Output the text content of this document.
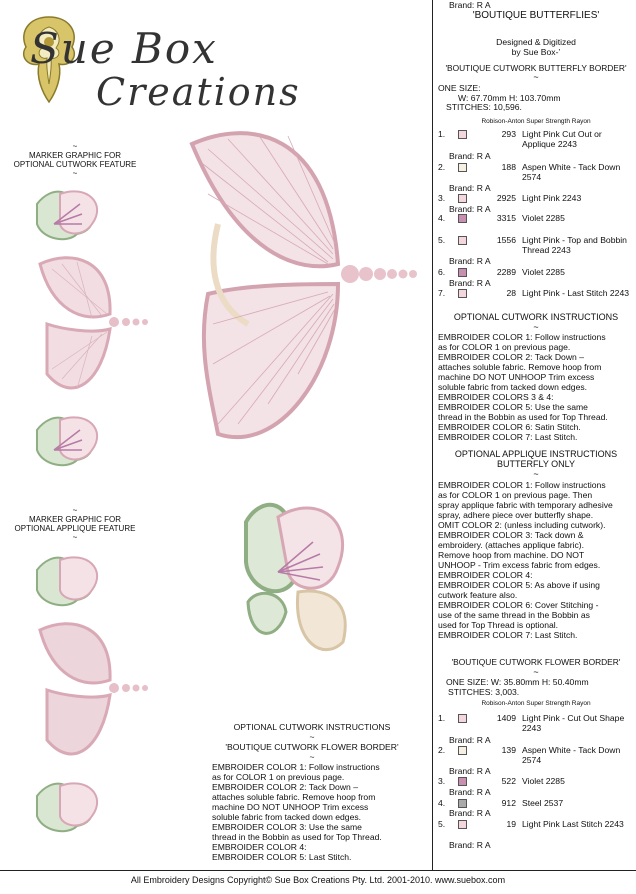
Sue Box
Creations
~
MARKER GRAPHIC FOR
OPTIONAL CUTWORK FEATURE
~
~
MARKER GRAPHIC FOR
OPTIONAL APPLIQUE FEATURE
~
OPTIONAL CUTWORK INSTRUCTIONS
~
'BOUTIQUE CUTWORK FLOWER BORDER'
~
EMBROIDER COLOR 1: Follow instructions
as for COLOR 1 on previous page.
EMBROIDER COLOR 2: Tack Down –
attaches soluble fabric. Remove hoop from
machine DO NOT UNHOOP Trim excess
soluble fabric from tacked down edges.
EMBROIDER COLOR 3: Use the same
thread in the Bobbin as used for Top Thread.
EMBROIDER COLOR 4:
EMBROIDER COLOR 5: Last Stitch.
'BOUTIQUE BUTTERFLIES'
Designed & Digitized
by Sue Box-’
'BOUTIQUE CUTWORK BUTTERFLY BORDER'
~
ONE SIZE:
W: 67.70mm H: 103.70mm
STITCHES: 10,596.
Robison-Anton Super Strength Rayon
OPTIONAL CUTWORK INSTRUCTIONS
~
EMBROIDER COLOR 1: Follow instructions
as for COLOR 1 on previous page.
EMBROIDER COLOR 2: Tack Down –
attaches soluble fabric. Remove hoop from
machine DO NOT UNHOOP Trim excess
soluble fabric from tacked down edges.
EMBROIDER COLORS 3 & 4:
EMBROIDER COLOR 5: Use the same
thread in the Bobbin as used for Top Thread.
EMBROIDER COLOR 6: Satin Stitch.
EMBROIDER COLOR 7: Last Stitch.
OPTIONAL APPLIQUE INSTRUCTIONS
BUTTERFLY ONLY
~
EMBROIDER COLOR 1: Follow instructions
as for COLOR 1 on previous page. Then
spray applique fabric with temporary adhesive
spray, adhere piece over butterfly shape.
OMIT COLOR 2: (unless including cutwork).
EMBROIDER COLOR 3: Tack down &
embroidery. (attaches applique fabric).
Remove hoop from machine. DO NOT
UNHOOP - Trim excess fabric from edges.
EMBROIDER COLOR 4:
EMBROIDER COLOR 5: As above if using
cutwork feature also.
EMBROIDER COLOR 6: Cover Stitching -
use of the same thread in the Bobbin as
used for Top Thread is optional.
EMBROIDER COLOR 7: Last Stitch.
'BOUTIQUE CUTWORK FLOWER BORDER'
~
ONE SIZE: W: 35.80mm H: 50.40mm
STITCHES: 3,003.
Robison-Anton Super Strength Rayon
All Embroidery Designs Copyright© Sue Box Creations Pty. Ltd. 2001-2010. www.suebox.com
1.	293 Light Pink Cut Out or Applique 2243
Brand: R A
2.	188 Aspen White - Tack Down 2574
Brand: R A
3.	2925 Light Pink 2243
Brand: R A
4.	3315 Violet 2285
Brand: R A
5.	1556 Light Pink - Top and Bobbin Thread 2243
Brand: R A
6.	2289 Violet 2285
Brand: R A
7.	28 Light Pink - Last Stitch 2243
1.	1409 Light Pink - Cut Out Shape 2243
Brand: R A
2.	139 Aspen White - Tack Down 2574
Brand: R A
3.	522 Violet 2285
Brand: R A
4.	912 Steel 2537
Brand: R A
5.	19 Light Pink Last Stitch 2243
Brand: R A
